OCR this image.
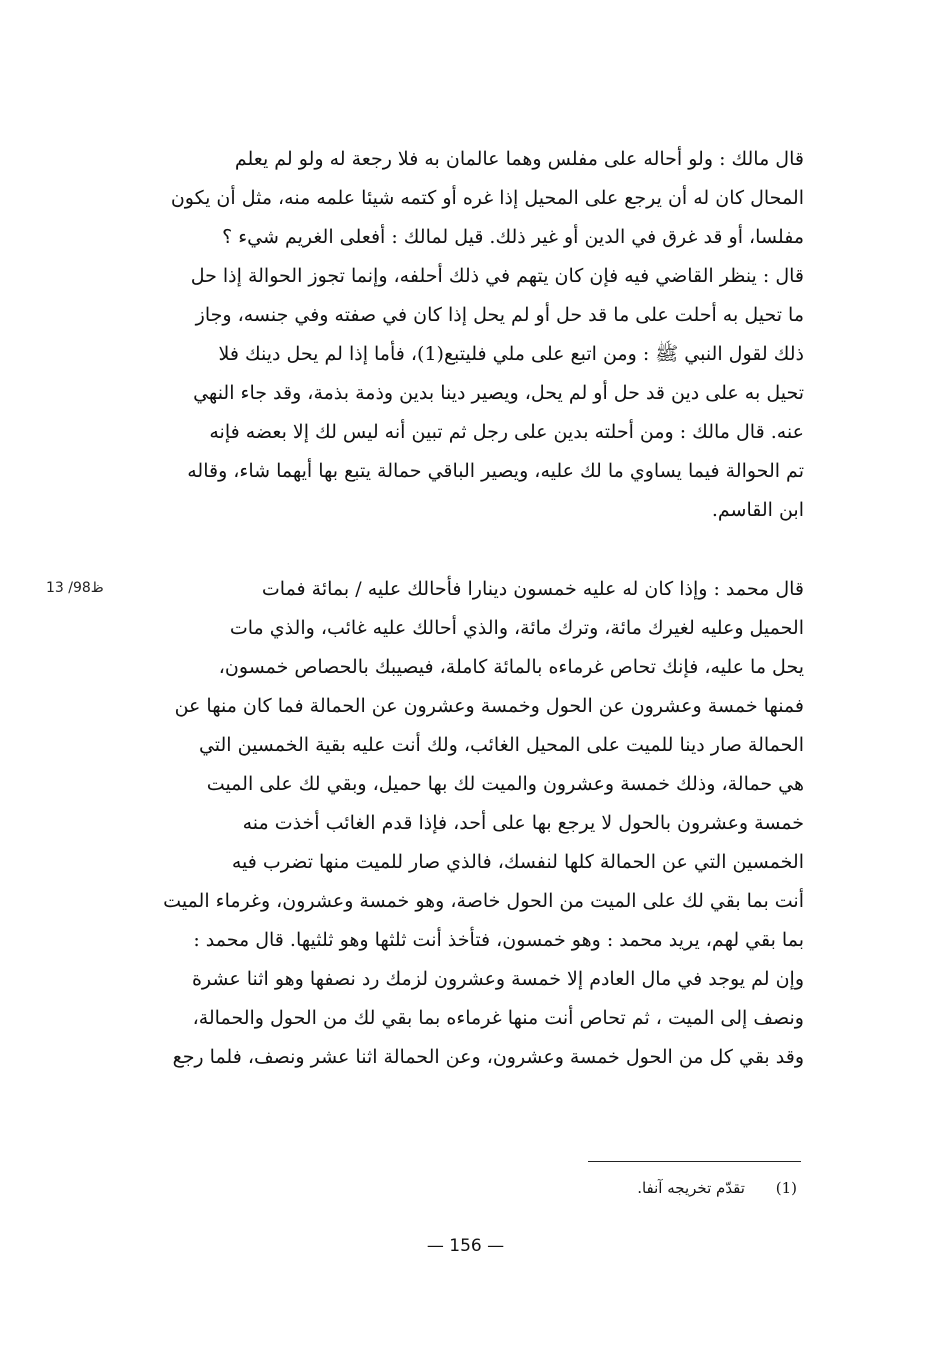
قال مالك : ولو أحاله على مفلس وهما عالمان به فلا رجعة له ولو لم يعلم
المحال كان له أن يرجع على المحيل إذا غره أو كتمه شيئا علمه منه، مثل أن يكون
مفلسا، أو قد غرق في الدين أو غير ذلك. قيل لمالك : أفعلى الغريم شيء ؟
قال : ينظر القاضي فيه فإن كان يتهم في ذلك أحلفه، وإنما تجوز الحوالة إذا حل
ما تحيل به أحلت على ما قد حل أو لم يحل إذا كان في صفته وفي جنسه، وجاز
ذلك لقول النبي ﷺ : ومن اتبع على ملي فليتبع(1)، فأما إذا لم يحل دينك فلا
تحيل به على دين قد حل أو لم يحل، ويصير دينا بدين وذمة بذمة، وقد جاء النهي
عنه. قال مالك : ومن أحلته بدين على رجل ثم تبين أنه ليس لك إلا بعضه فإنه
تم الحوالة فيما يساوي ما لك عليه، ويصير الباقي حمالة يتبع بها أيهما شاء، وقاله
ابن القاسم.
13 /98ظ	قال محمد : وإذا كان له عليه خمسون دينارا فأحالك عليه / بمائة فمات
الحميل وعليه لغيرك مائة، وترك مائة، والذي أحالك عليه غائب، والذي مات
يحل ما عليه، فإنك تحاص غرماءه بالمائة كاملة، فيصيبك بالحصاص خمسون،
فمنها خمسة وعشرون عن الحول وخمسة وعشرون عن الحمالة فما كان منها عن
الحمالة صار دينا للميت على المحيل الغائب، ولك أنت عليه بقية الخمسين التي
هي حمالة، وذلك خمسة وعشرون والميت لك بها حميل، وبقي لك على الميت
خمسة وعشرون بالحول لا يرجع بها على أحد، فإذا قدم الغائب أخذت منه
الخمسين التي عن الحمالة كلها لنفسك، فالذي صار للميت منها تضرب فيه
أنت بما بقي لك على الميت من الحول خاصة، وهو خمسة وعشرون، وغرماء الميت
بما بقي لهم، يريد محمد : وهو خمسون، فتأخذ أنت ثلثها وهو ثلثيها. قال محمد :
وإن لم يوجد في مال العادم إلا خمسة وعشرون لزمك رد نصفها وهو اثنا عشرة
ونصف إلى الميت ، ثم تحاص أنت منها غرماءه بما بقي لك من الحول والحمالة،
وقد بقي كل من الحول خمسة وعشرون، وعن الحمالة اثنا عشر ونصف، فلما رجع
(1) تقدّم تخريجه آنفا.
— 156 —
